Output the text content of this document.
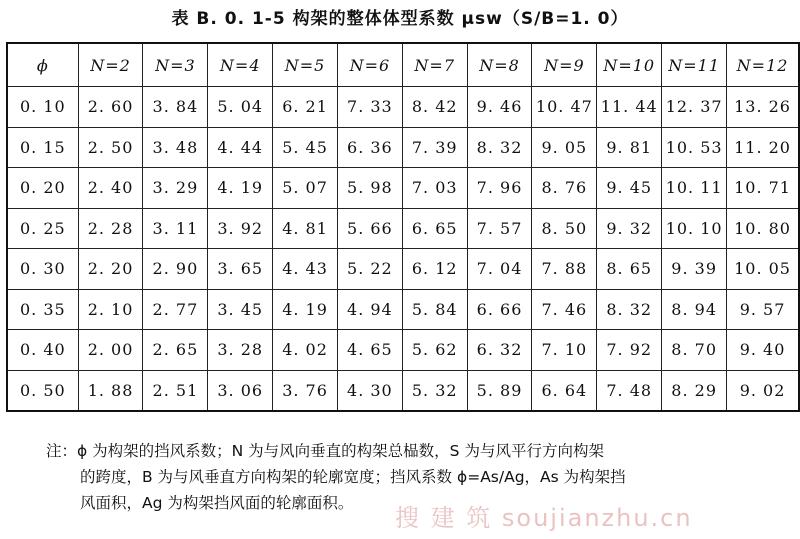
表 B. 0. 1-5 构架的整体体型系数 μsw（S/B=1. 0）
ϕ	N=2	N=3	N=4	N=5	N=6	N=7	N=8	N=9	N=10	N=11	N=12
0. 10	2. 60	3. 84	5. 04	6. 21	7. 33	8. 42	9. 46	10. 47	11. 44	12. 37	13. 26
0. 15	2. 50	3. 48	4. 44	5. 45	6. 36	7. 39	8. 32	9. 05	9. 81	10. 53	11. 20
0. 20	2. 40	3. 29	4. 19	5. 07	5. 98	7. 03	7. 96	8. 76	9. 45	10. 11	10. 71
0. 25	2. 28	3. 11	3. 92	4. 81	5. 66	6. 65	7. 57	8. 50	9. 32	10. 10	10. 80
0. 30	2. 20	2. 90	3. 65	4. 43	5. 22	6. 12	7. 04	7. 88	8. 65	9. 39	10. 05
0. 35	2. 10	2. 77	3. 45	4. 19	4. 94	5. 84	6. 66	7. 46	8. 32	8. 94	9. 57
0. 40	2. 00	2. 65	3. 28	4. 02	4. 65	5. 62	6. 32	7. 10	7. 92	8. 70	9. 40
0. 50	1. 88	2. 51	3. 06	3. 76	4. 30	5. 32	5. 89	6. 64	7. 48	8. 29	9. 02
注：ϕ 为构架的挡风系数；N 为与风向垂直的构架总榀数，S 为与风平行方向构架
的跨度，B 为与风垂直方向构架的轮廓宽度；挡风系数 ϕ=As/Ag，As 为构架挡
风面积，Ag 为构架挡风面的轮廓面积。
搜 建 筑 soujianzhu.cn
